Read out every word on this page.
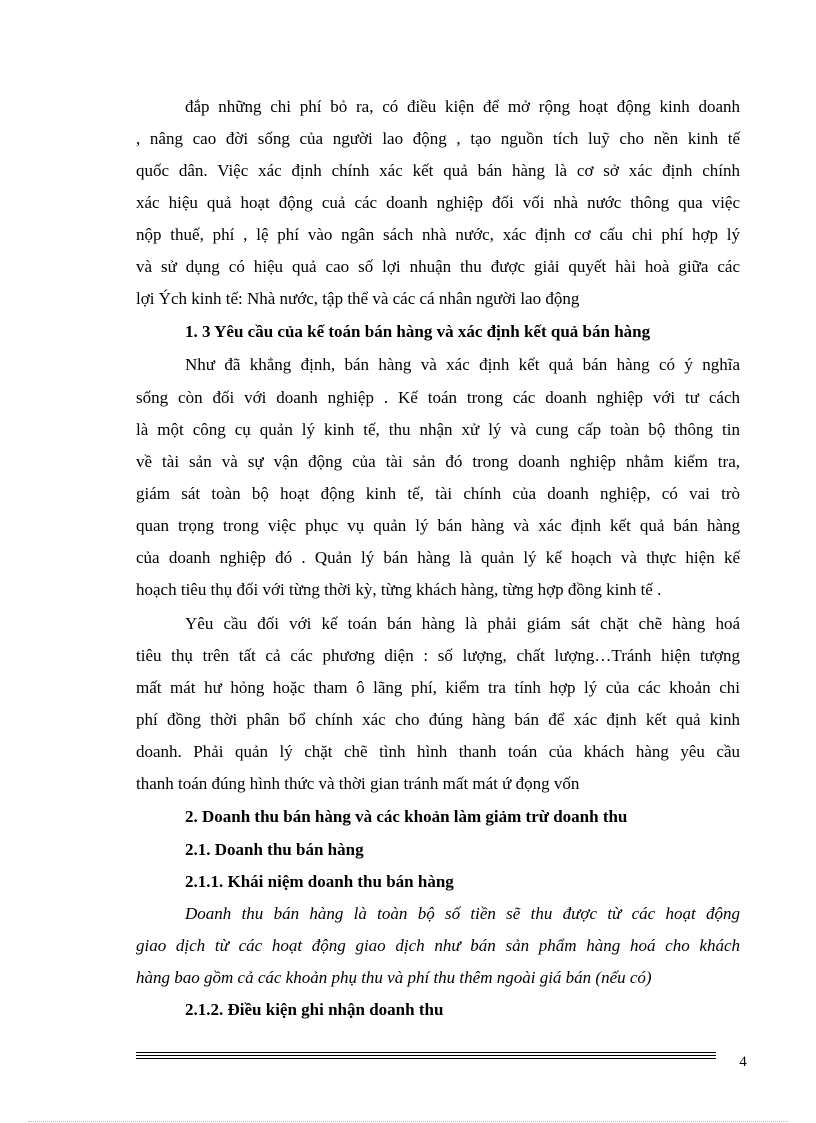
đắp những chi phí bỏ ra, có điều kiện để mở rộng hoạt động kinh doanh
, nâng cao đời sống của người lao động , tạo nguồn tích luỹ cho nền kinh tế
quốc dân. Việc xác định chính xác kết quả bán hàng là cơ sở xác định chính
xác hiệu quả hoạt động cuả các doanh nghiệp đối vối nhà nước thông qua việc
nộp thuế, phí , lệ phí vào ngân sách nhà nước, xác định cơ cấu chi phí hợp lý
và sử dụng có hiệu quả cao số lợi nhuận thu được giải quyết hài hoà giữa các
lợi Ých kinh tế: Nhà nước, tập thể và các cá nhân người lao động
1. 3 Yêu cầu của kế toán bán hàng và xác định kết quả bán hàng
Như đã khẳng định, bán hàng và xác định kết quả bán hàng có ý nghĩa
sống còn đối với doanh nghiệp . Kế toán trong các doanh nghiệp với tư cách
là một công cụ quản lý kinh tế, thu nhận xử lý và cung cấp toàn bộ thông tin
về tài sản và sự vận động của tài sản đó trong doanh nghiệp nhằm kiểm tra,
giám sát toàn bộ hoạt động kinh tế, tài chính của doanh nghiệp, có vai trò
quan trọng trong việc phục vụ quản lý bán hàng và xác định kết quả bán hàng
của doanh nghiệp đó . Quản lý bán hàng là quản lý kế hoạch và thực hiện kế
hoạch tiêu thụ đối với từng thời kỳ, từng khách hàng, từng hợp đồng kinh tế .
Yêu cầu đối với kế toán bán hàng là phải giám sát chặt chẽ hàng hoá
tiêu thụ trên tất cả các phương diện : số lượng, chất lượng…Tránh hiện tượng
mất mát hư hỏng hoặc tham ô lãng phí, kiểm tra tính hợp lý của các khoản chi
phí đồng thời phân bổ chính xác cho đúng hàng bán để xác định kết quả kinh
doanh. Phải quản lý chặt chẽ tình hình thanh toán của khách hàng yêu cầu
thanh toán đúng hình thức và thời gian tránh mất mát ứ đọng vốn
2. Doanh thu bán hàng và các khoản làm giảm trừ doanh thu
2.1. Doanh thu bán hàng
2.1.1. Khái niệm doanh thu bán hàng
Doanh thu bán hàng là toàn bộ số tiền sẽ thu được từ các hoạt động
giao dịch từ các hoạt động giao dịch như bán sản phẩm hàng hoá cho khách
hàng bao gồm cả các khoản phụ thu và phí thu thêm ngoài giá bán (nếu có)
2.1.2. Điều kiện ghi nhận doanh thu
4
